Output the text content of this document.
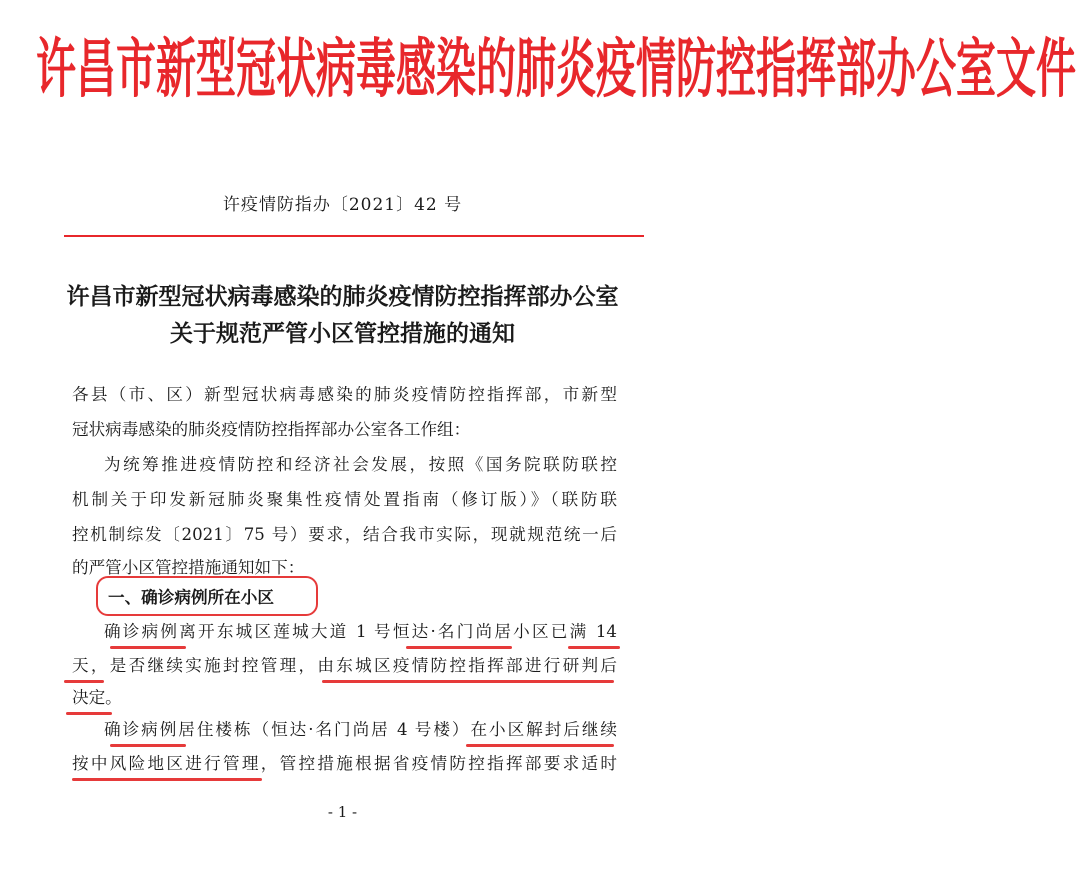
许昌市新型冠状病毒感染的肺炎疫情防控指挥部办公室文件
许疫情防指办〔2021〕42 号
许昌市新型冠状病毒感染的肺炎疫情防控指挥部办公室
关于规范严管小区管控措施的通知
各县（市、区）新型冠状病毒感染的肺炎疫情防控指挥部，市新型
冠状病毒感染的肺炎疫情防控指挥部办公室各工作组：
为统筹推进疫情防控和经济社会发展，按照《国务院联防联控
机制关于印发新冠肺炎聚集性疫情处置指南（修订版）》（联防联
控机制综发〔2021〕75 号）要求，结合我市实际，现就规范统一后
的严管小区管控措施通知如下：
一、确诊病例所在小区
确诊病例离开东城区莲城大道 1 号恒达·名门尚居小区已满 14
天，是否继续实施封控管理，由东城区疫情防控指挥部进行研判后
决定。
确诊病例居住楼栋（恒达·名门尚居 4 号楼）在小区解封后继续
按中风险地区进行管理，管控措施根据省疫情防控指挥部要求适时
- 1 -
